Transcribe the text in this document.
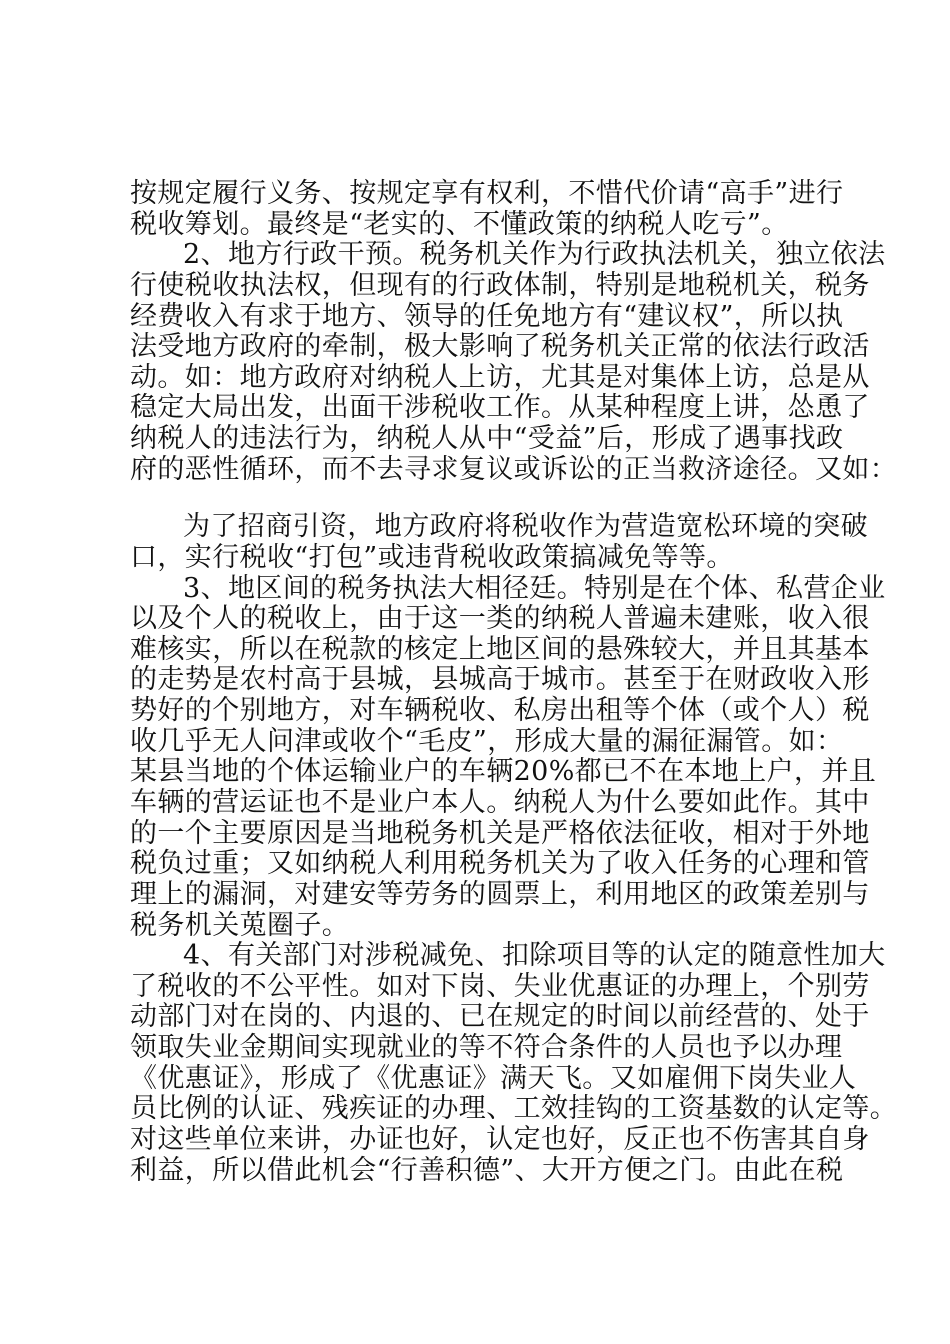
按规定履行义务、按规定享有权利，不惜代价请“高手”进行
税收筹划。最终是“老实的、不懂政策的纳税人吃亏”。
2、地方行政干预。税务机关作为行政执法机关，独立依法
行使税收执法权，但现有的行政体制，特别是地税机关，税务
经费收入有求于地方、领导的任免地方有“建议权”，所以执
法受地方政府的牵制，极大影响了税务机关正常的依法行政活
动。如：地方政府对纳税人上访，尤其是对集体上访，总是从
稳定大局出发，出面干涉税收工作。从某种程度上讲，怂恿了
纳税人的违法行为，纳税人从中“受益”后，形成了遇事找政
府的恶性循环，而不去寻求复议或诉讼的正当救济途径。又如：
为了招商引资，地方政府将税收作为营造宽松环境的突破
口，实行税收“打包”或违背税收政策搞减免等等。
3、地区间的税务执法大相径廷。特别是在个体、私营企业
以及个人的税收上，由于这一类的纳税人普遍未建账，收入很
难核实，所以在税款的核定上地区间的悬殊较大，并且其基本
的走势是农村高于县城，县城高于城市。甚至于在财政收入形
势好的个别地方，对车辆税收、私房出租等个体（或个人）税
收几乎无人问津或收个“毛皮”，形成大量的漏征漏管。如：
某县当地的个体运输业户的车辆20%都已不在本地上户，并且
车辆的营运证也不是业户本人。纳税人为什么要如此作。其中
的一个主要原因是当地税务机关是严格依法征收，相对于外地
税负过重；又如纳税人利用税务机关为了收入任务的心理和管
理上的漏洞，对建安等劳务的圆票上，利用地区的政策差别与
税务机关莵圈子。
4、有关部门对涉税减免、扣除项目等的认定的随意性加大
了税收的不公平性。如对下岗、失业优惠证的办理上，个别劳
动部门对在岗的、内退的、已在规定的时间以前经营的、处于
领取失业金期间实现就业的等不符合条件的人员也予以办理
《优惠证》，形成了《优惠证》满天飞。又如雇佣下岗失业人
员比例的认证、残疾证的办理、工效挂钩的工资基数的认定等。
对这些单位来讲，办证也好，认定也好，反正也不伤害其自身
利益，所以借此机会“行善积德”、大开方便之门。由此在税
